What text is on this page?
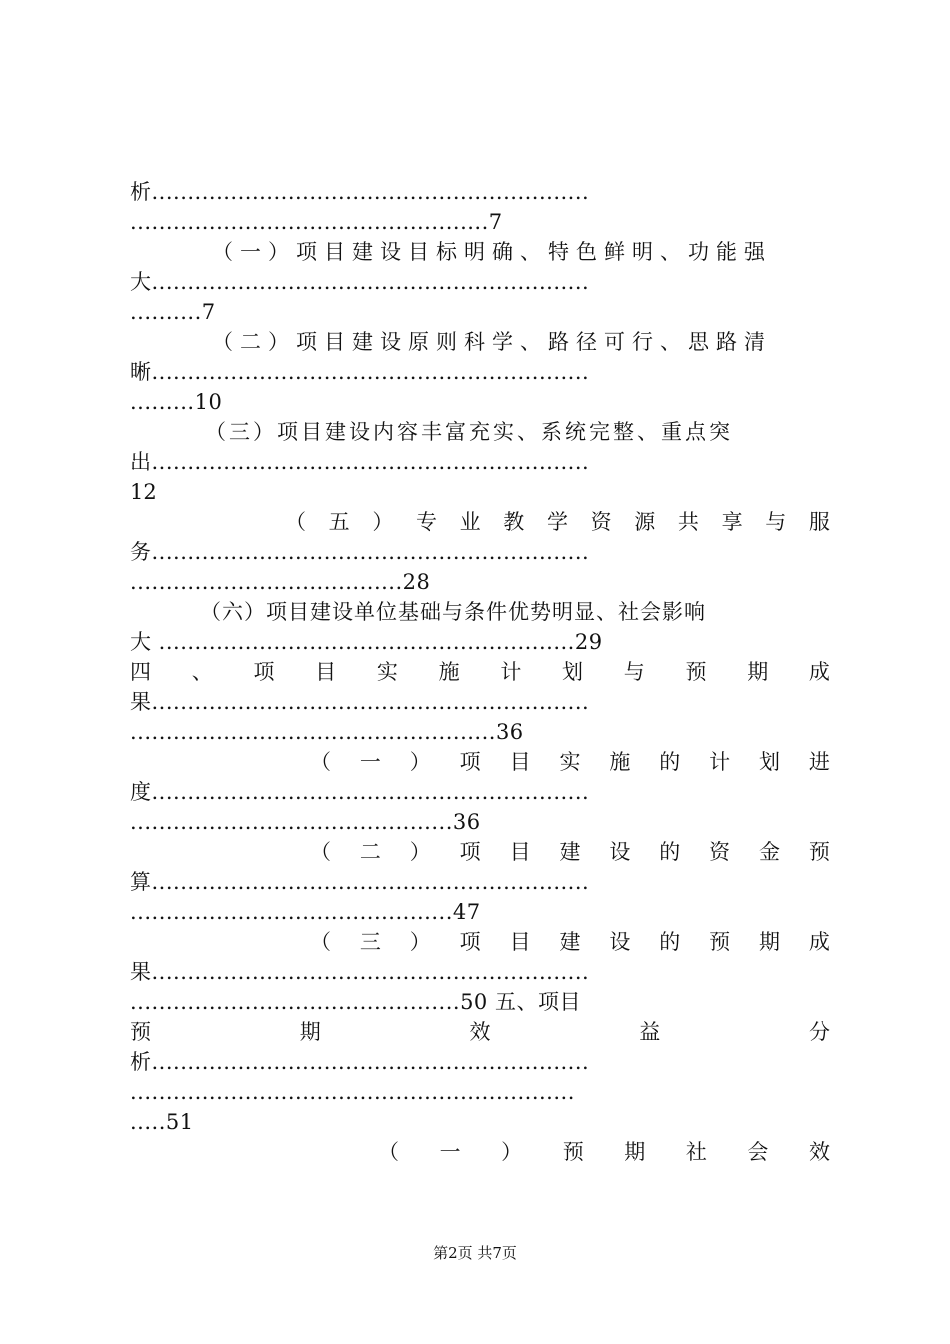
析.............................................................
..................................................7
（一）项目建设目标明确、特色鲜明、功能强
大.............................................................
..........7
（二）项目建设原则科学、路径可行、思路清
晰.............................................................
.........10
（三）项目建设内容丰富充实、系统完整、重点突
出.............................................................
12
（ 五 ） 专 业 教 学 资 源 共 享 与 服
务.............................................................
......................................28
（六）项目建设单位基础与条件优势明显、社会影响
大 ..........................................................29
四 、 项 目 实 施 计 划 与 预 期 成
果.............................................................
...................................................36
（ 一 ） 项 目 实 施 的 计 划 进
度.............................................................
.............................................36
（ 二 ） 项 目 建 设 的 资 金 预
算.............................................................
.............................................47
（ 三 ） 项 目 建 设 的 预 期 成
果.............................................................
..............................................50 五、项目
预	期	效	益	分
析.............................................................
..............................................................
.....51
（ 一 ） 预 期 社 会 效
第2页 共7页
